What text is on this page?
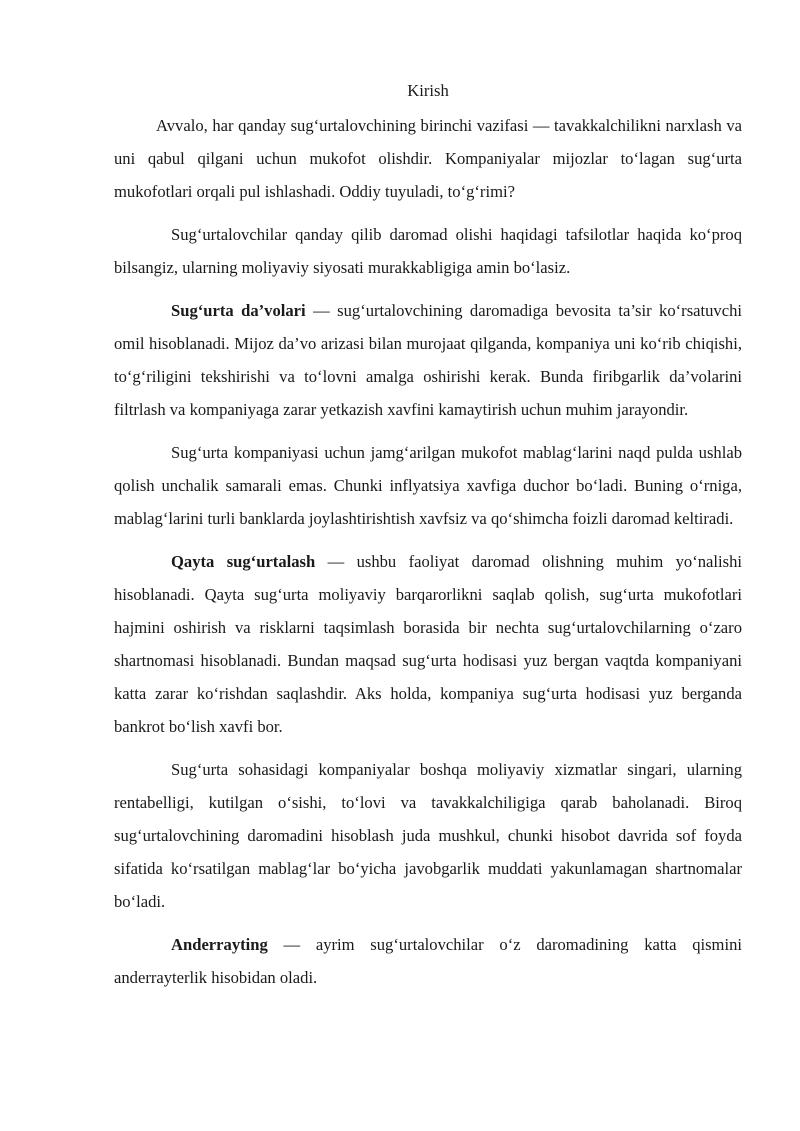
Kirish

Avvalo, har qanday sug‘urtalovchining birinchi vazifasi — tavakkalchilikni narxlash va uni qabul qilgani uchun mukofot olishdir. Kompaniyalar mijozlar to‘lagan sug‘urta mukofotlari orqali pul ishlashadi. Oddiy tuyuladi, to‘g‘rimi?

Sug‘urtalovchilar qanday qilib daromad olishi haqidagi tafsilotlar haqida ko‘proq bilsangiz, ularning moliyaviy siyosati murakkabligiga amin bo‘lasiz.

Sug‘urta da’volari — sug‘urtalovchining daromadiga bevosita ta’sir ko‘rsatuvchi omil hisoblanadi. Mijoz da’vo arizasi bilan murojaat qilganda, kompaniya uni ko‘rib chiqishi, to‘g‘riligini tekshirishi va to‘lovni amalga oshirishi kerak. Bunda firibgarlik da’volarini filtrlash va kompaniyaga zarar yetkazish xavfini kamaytirish uchun muhim jarayondir.

Sug‘urta kompaniyasi uchun jamg‘arilgan mukofot mablag‘larini naqd pulda ushlab qolish unchalik samarali emas. Chunki inflyatsiya xavfiga duchor bo‘ladi. Buning o‘rniga, mablag‘larini turli banklarda joylashtirishtish xavfsiz va qo‘shimcha foizli daromad keltiradi.

Qayta sug‘urtalash — ushbu faoliyat daromad olishning muhim yo‘nalishi hisoblanadi. Qayta sug‘urta moliyaviy barqarorlikni saqlab qolish, sug‘urta mukofotlari hajmini oshirish va risklarni taqsimlash borasida bir nechta sug‘urtalovchilarning o‘zaro shartnomasi hisoblanadi. Bundan maqsad sug‘urta hodisasi yuz bergan vaqtda kompaniyani katta zarar ko‘rishdan saqlashdir. Aks holda, kompaniya sug‘urta hodisasi yuz berganda bankrot bo‘lish xavfi bor.

Sug‘urta sohasidagi kompaniyalar boshqa moliyaviy xizmatlar singari, ularning rentabelligi, kutilgan o‘sishi, to‘lovi va tavakkalchiligiga qarab baholanadi. Biroq sug‘urtalovchining daromadini hisoblash juda mushkul, chunki hisobot davrida sof foyda sifatida ko‘rsatilgan mablag‘lar bo‘yicha javobgarlik muddati yakunlamagan shartnomalar bo‘ladi.

Anderrayting — ayrim sug‘urtalovchilar o‘z daromadining katta qismini anderrayterlik hisobidan oladi.
